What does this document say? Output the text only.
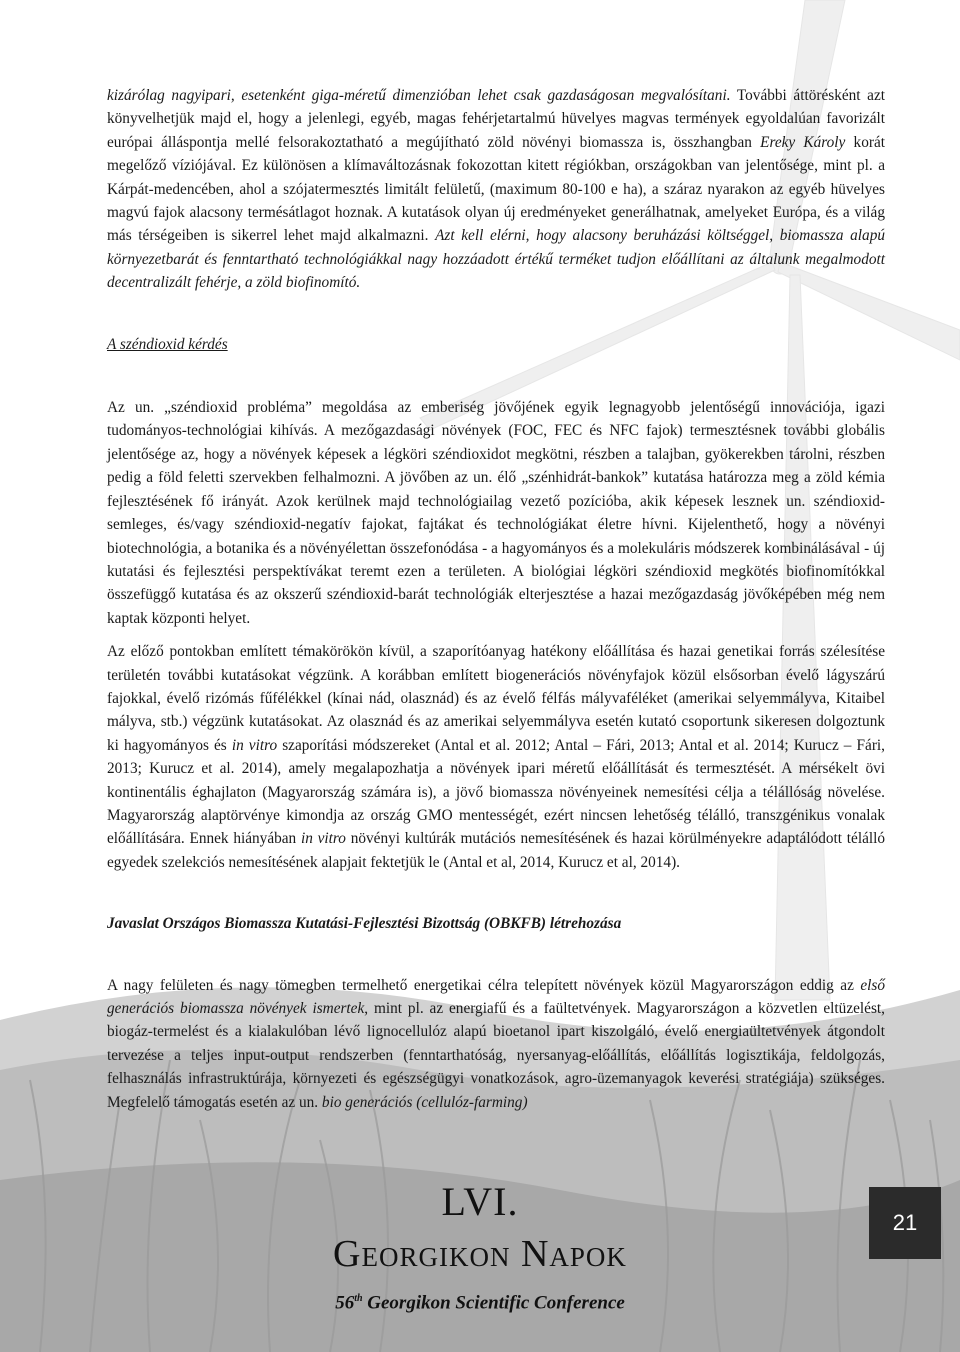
kizárólag nagyipari, esetenként giga-méretű dimenzióban lehet csak gazdaságosan megvalósítani. További áttörésként azt könyvelhetjük majd el, hogy a jelenlegi, egyéb, magas fehérjetartalmú hüvelyes magvas termények egyoldalúan favorizált európai álláspontja mellé felsorakoztatható a megújítható zöld növényi biomassza is, összhangban Ereky Károly korát megelőző víziójával. Ez különösen a klímaváltozásnak fokozottan kitett régiókban, országokban van jelentősége, mint pl. a Kárpát-medencében, ahol a szójatermesztés limitált felületű, (maximum 80-100 e ha), a száraz nyarakon az egyéb hüvelyes magvú fajok alacsony termésátlagot hoznak. A kutatások olyan új eredményeket generálhatnak, amelyeket Európa, és a világ más térségeiben is sikerrel lehet majd alkalmazni. Azt kell elérni, hogy alacsony beruházási költséggel, biomassza alapú környezetbarát és fenntartható technológiákkal nagy hozzáadott értékű terméket tudjon előállítani az általunk megalmodott decentralizált fehérje, a zöld biofinomító.

A széndioxid kérdés

Az un. „széndioxid probléma” megoldása az emberiség jövőjének egyik legnagyobb jelentőségű innovációja, igazi tudományos-technológiai kihívás. A mezőgazdasági növények (FOC, FEC és NFC fajok) termesztésnek további globális jelentősége az, hogy a növények képesek a légköri széndioxidot megkötni, részben a talajban, gyökerekben tárolni, részben pedig a föld feletti szervekben felhalmozni. A jövőben az un. élő „szénhidrát-bankok” kutatása határozza meg a zöld kémia fejlesztésének fő irányát. Azok kerülnek majd technológiailag vezető pozícióba, akik képesek lesznek un. széndioxid-semleges, és/vagy széndioxid-negatív fajokat, fajtákat és technológiákat életre hívni. Kijelenthető, hogy a növényi biotechnológia, a botanika és a növényélettan összefonódása - a hagyományos és a molekuláris módszerek kombinálásával - új kutatási és fejlesztési perspektívákat teremt ezen a területen. A biológiai légköri széndioxid megkötés biofinomítókkal összefüggő kutatása és az okszerű széndioxid-barát technológiák elterjesztése a hazai mezőgazdaság jövőképében még nem kaptak központi helyet.

Az előző pontokban említett témakörökön kívül, a szaporítóanyag hatékony előállítása és hazai genetikai forrás szélesítése területén további kutatásokat végzünk. A korábban említett biogenerációs növényfajok közül elsősorban évelő lágyszárú fajokkal, évelő rizómás fűfélékkel (kínai nád, olasznád) és az évelő félfás mályvaféléket (amerikai selyemmályva, Kitaibel mályva, stb.) végzünk kutatásokat. Az olasznád és az amerikai selyemmályva esetén kutató csoportunk sikeresen dolgoztunk ki hagyományos és in vitro szaporítási módszereket (Antal et al. 2012; Antal – Fári, 2013; Antal et al. 2014; Kurucz – Fári, 2013; Kurucz et al. 2014), amely megalapozhatja a növények ipari méretű előállítását és termesztését. A mérsékelt övi kontinentális éghajlaton (Magyarország számára is), a jövő biomassza növényeinek nemesítési célja a télállóság növelése. Magyarország alaptörvénye kimondja az ország GMO mentességét, ezért nincsen lehetőség télálló, transzgénikus vonalak előállítására. Ennek hiányában in vitro növényi kultúrák mutációs nemesítésének és hazai körülményekre adaptálódott télálló egyedek szelekciós nemesítésének alapjait fektetjük le (Antal et al, 2014, Kurucz et al, 2014).

Javaslat Országos Biomassza Kutatási-Fejlesztési Bizottság (OBKFB) létrehozása

A nagy felületen és nagy tömegben termelhető energetikai célra telepített növények közül Magyarországon eddig az első generációs biomassza növények ismertek, mint pl. az energiafű és a faültetvények. Magyarországon a közvetlen eltüzelést, biogáz-termelést és a kialakulóban lévő lignocellulóz alapú bioetanol ipart kiszolgáló, évelő energiaültetvények átgondolt tervezése a teljes input-output rendszerben (fenntarthatóság, nyersanyag-előállítás, előállítás logisztikája, feldolgozás, felhasználás infrastruktúrája, környezeti és egészségügyi vonatkozások, agro-üzemanyagok keverési stratégiája) szükséges. Megfelelő támogatás esetén az un. bio generációs (cellulóz-farming)

LVI.
Georgikon Napok
56th Georgikon Scientific Conference
21
